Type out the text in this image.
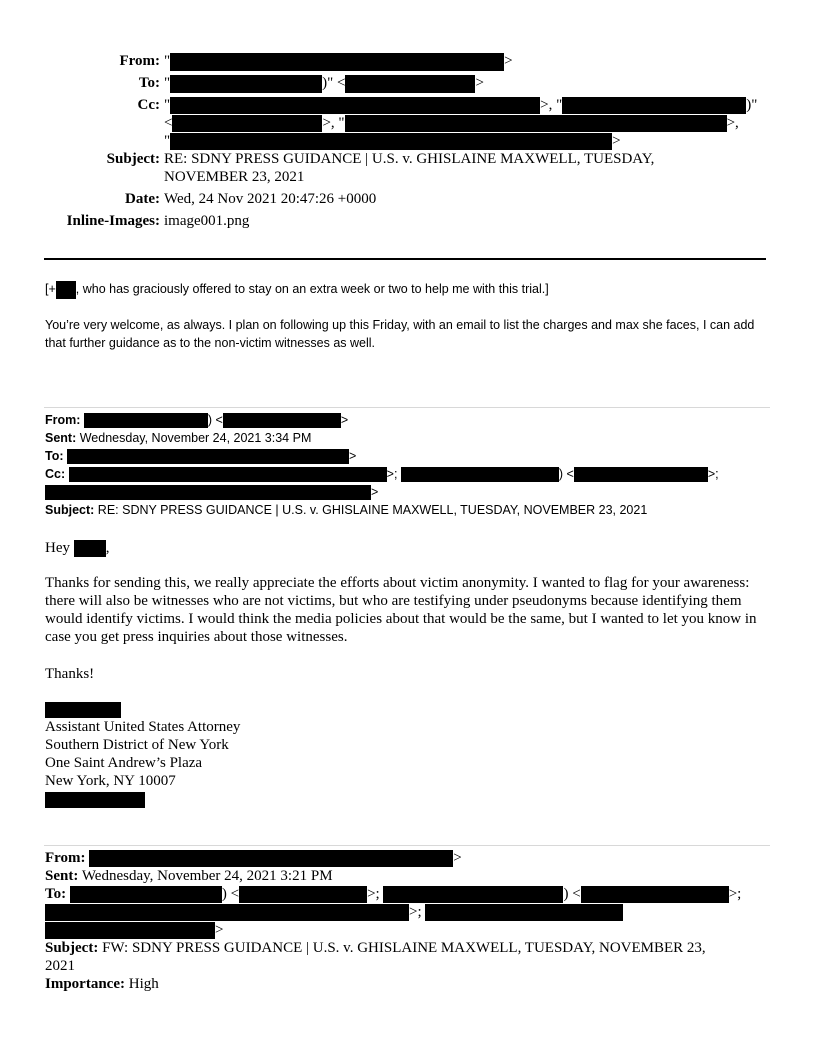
From: "	>
To: "	)" <	>
Cc: "	>, "	)"
<	>, "	>,
"	>
Subject: RE: SDNY PRESS GUIDANCE | U.S. v. GHISLAINE MAXWELL, TUESDAY,
NOVEMBER 23, 2021
Date: Wed, 24 Nov 2021 20:47:26 +0000
Inline-Images: image001.png
[+ , who has graciously offered to stay on an extra week or two to help me with this trial.]
You’re very welcome, as always. I plan on following up this Friday, with an email to list the charges and max she faces, I can add that further guidance as to the non-victim witnesses as well.
From:	) <	>
Sent: Wednesday, November 24, 2021 3:34 PM
To:	>
Cc:	>;	) <	>;
>
Subject: RE: SDNY PRESS GUIDANCE | U.S. v. GHISLAINE MAXWELL, TUESDAY, NOVEMBER 23, 2021
Hey ,
Thanks for sending this, we really appreciate the efforts about victim anonymity. I wanted to flag for your awareness: there will also be witnesses who are not victims, but who are testifying under pseudonyms because identifying them would identify victims. I would think the media policies about that would be the same, but I wanted to let you know in case you get press inquiries about those witnesses.
Thanks!
Assistant United States Attorney
Southern District of New York
One Saint Andrew’s Plaza
New York, NY 10007
From:	>
Sent: Wednesday, November 24, 2021 3:21 PM
To:	) <	>;	) <	>;
>;
>
Subject: FW: SDNY PRESS GUIDANCE | U.S. v. GHISLAINE MAXWELL, TUESDAY, NOVEMBER 23,
2021
Importance: High
